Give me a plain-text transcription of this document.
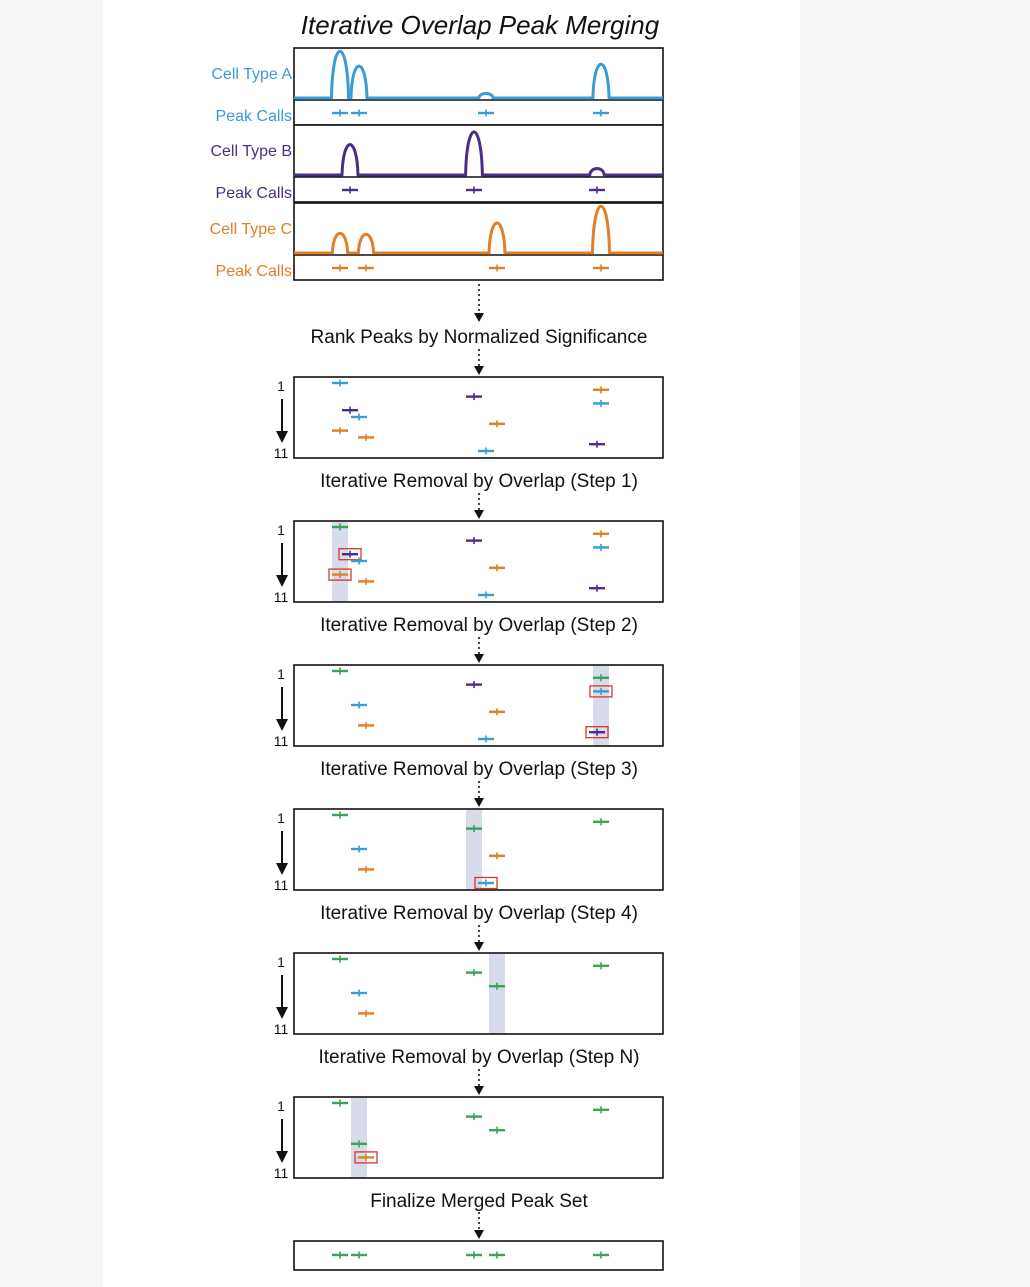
Iterative Overlap Peak Merging
Cell Type A
Peak Calls
Cell Type B
Peak Calls
Cell Type C
Peak Calls
Rank Peaks by Normalized Significance
1
11
Iterative Removal by Overlap (Step 1)
1
11
Iterative Removal by Overlap (Step 2)
1
11
Iterative Removal by Overlap (Step 3)
1
11
Iterative Removal by Overlap (Step 4)
1
11
Iterative Removal by Overlap (Step N)
1
11
Finalize Merged Peak Set
